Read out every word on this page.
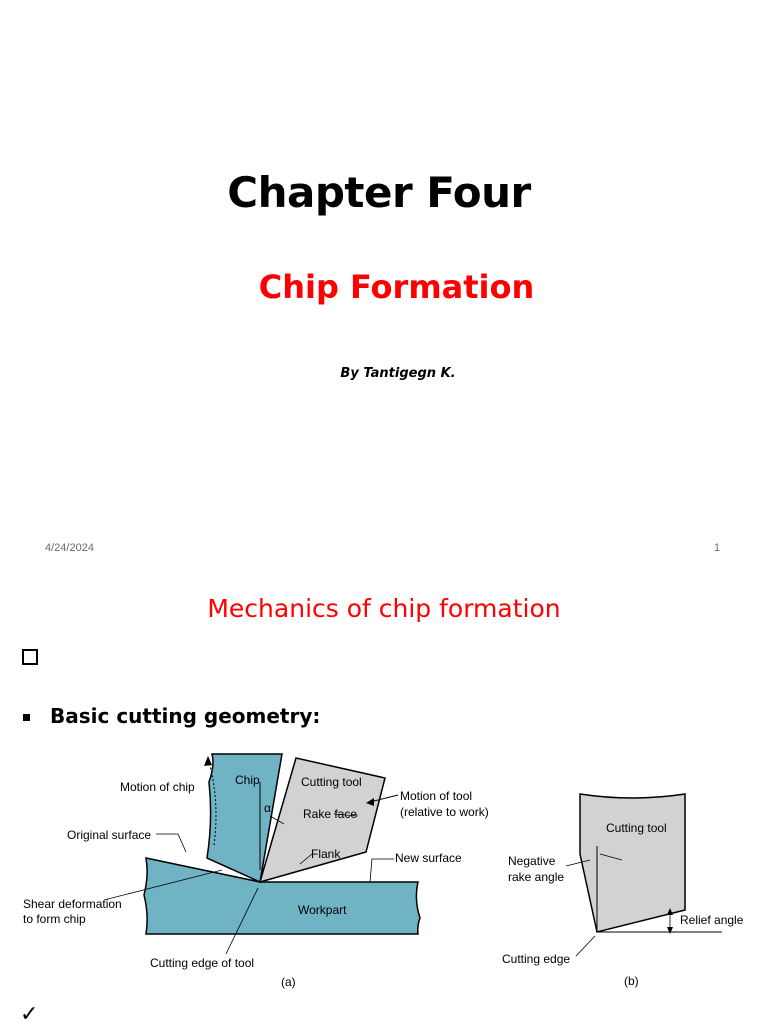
Chapter Four
Chip Formation
By Tantigegn K.
4/24/2024	1
Mechanics of chip formation
Basic cutting geometry:
Motion of chip	Chip	Cutting tool
Motion of tool
(relative to work)
α	Rake face
Original surface
Flank	New surface
Shear deformation
to form chip
Workpart
Cutting edge of tool
(a)
Cutting tool
Negative
rake angle
Relief angle
Cutting edge
(b)
✓
